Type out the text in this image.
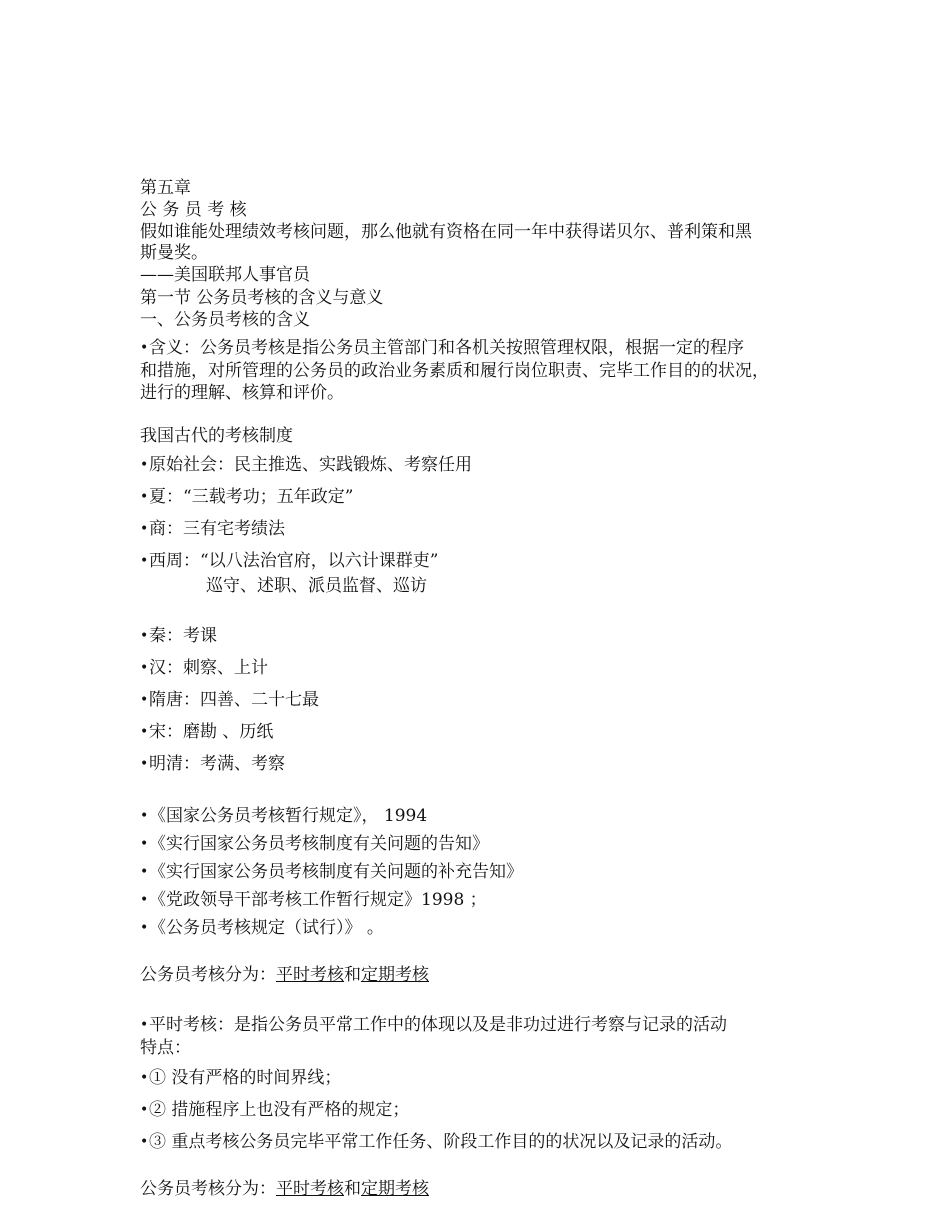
第五章
公 务 员 考 核
假如谁能处理绩效考核问题，那么他就有资格在同一年中获得诺贝尔、普利策和黑
斯曼奖。
——美国联邦人事官员
第一节 公务员考核的含义与意义
一、公务员考核的含义
•含义：公务员考核是指公务员主管部门和各机关按照管理权限，根据一定的程序
和措施，对所管理的公务员的政治业务素质和履行岗位职责、完毕工作目的的状况，
进行的理解、核算和评价。
我国古代的考核制度
•原始社会：民主推选、实践锻炼、考察任用
•夏：“三载考功；五年政定”
•商：三有宅考绩法
•西周：“以八法治官府，以六计课群吏”
巡守、述职、派员监督、巡访
•秦：考课
•汉：刺察、上计
•隋唐：四善、二十七最
•宋：磨勘 、历纸
•明清：考满、考察
•《国家公务员考核暂行规定》， 1994
•《实行国家公务员考核制度有关问题的告知》
•《实行国家公务员考核制度有关问题的补充告知》
•《党政领导干部考核工作暂行规定》1998 ；
•《公务员考核规定（试行）》 。
公务员考核分为：平时考核和定期考核
•平时考核：是指公务员平常工作中的体现以及是非功过进行考察与记录的活动
特点：
•① 没有严格的时间界线；
•② 措施程序上也没有严格的规定；
•③ 重点考核公务员完毕平常工作任务、阶段工作目的的状况以及记录的活动。
公务员考核分为：平时考核和定期考核
